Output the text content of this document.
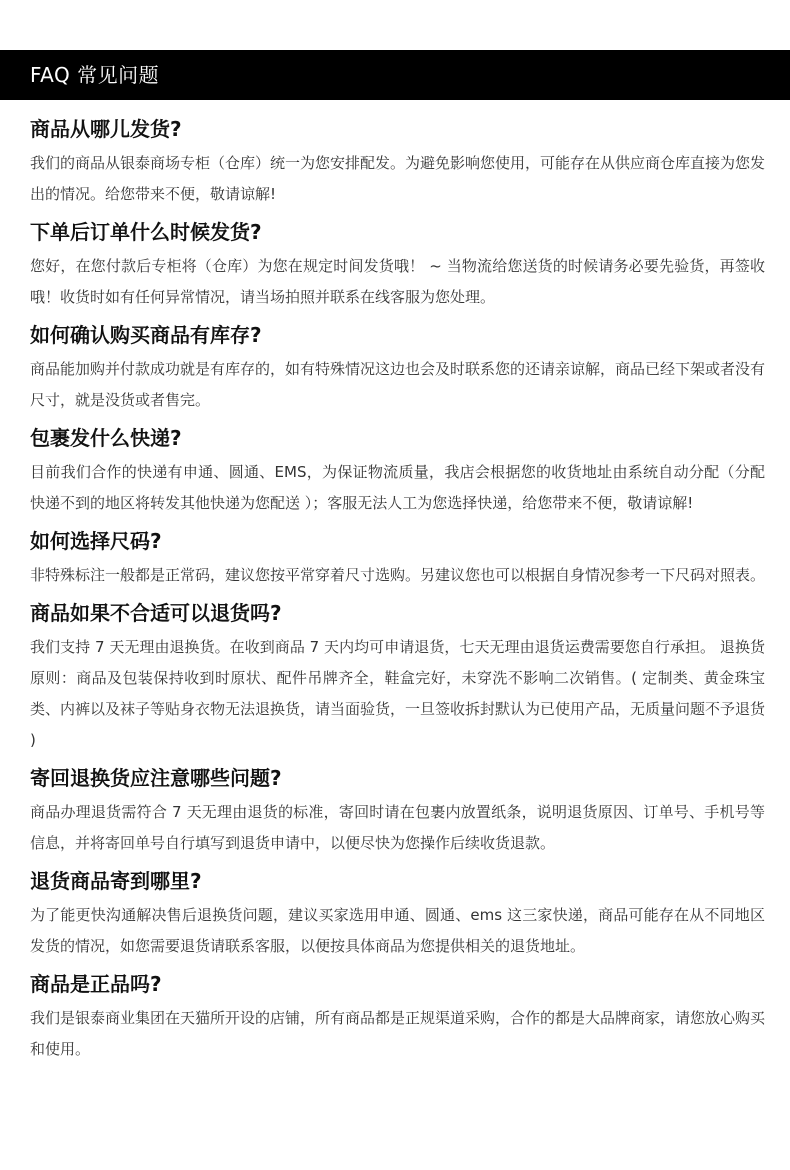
FAQ 常见问题
商品从哪儿发货?
我们的商品从银泰商场专柜（仓库）统一为您安排配发。为避免影响您使用，可能存在从供应商仓库直接为您发出的情况。给您带来不便，敬请谅解!
下单后订单什么时候发货?
您好，在您付款后专柜将（仓库）为您在规定时间发货哦！ ~ 当物流给您送货的时候请务必要先验货，再签收哦！收货时如有任何异常情况，请当场拍照并联系在线客服为您处理。
如何确认购买商品有库存?
商品能加购并付款成功就是有库存的，如有特殊情况这边也会及时联系您的还请亲谅解，商品已经下架或者没有尺寸，就是没货或者售完。
包裹发什么快递?
目前我们合作的快递有申通、圆通、EMS，为保证物流质量，我店会根据您的收货地址由系统自动分配（分配快递不到的地区将转发其他快递为您配送 ）；客服无法人工为您选择快递，给您带来不便，敬请谅解!
如何选择尺码?
非特殊标注一般都是正常码，建议您按平常穿着尺寸选购。另建议您也可以根据自身情况参考一下尺码对照表。
商品如果不合适可以退货吗?
我们支持 7 天无理由退换货。在收到商品 7 天内均可申请退货，七天无理由退货运费需要您自行承担。 退换货原则：商品及包装保持收到时原状、配件吊牌齐全，鞋盒完好，未穿洗不影响二次销售。( 定制类、黄金珠宝类、内裤以及袜子等贴身衣物无法退换货，请当面验货，一旦签收拆封默认为已使用产品，无质量问题不予退货 )
寄回退换货应注意哪些问题?
商品办理退货需符合 7 天无理由退货的标准，寄回时请在包裹内放置纸条，说明退货原因、订单号、手机号等信息，并将寄回单号自行填写到退货申请中，以便尽快为您操作后续收货退款。
退货商品寄到哪里?
为了能更快沟通解决售后退换货问题，建议买家选用申通、圆通、ems 这三家快递，商品可能存在从不同地区发货的情况，如您需要退货请联系客服，以便按具体商品为您提供相关的退货地址。
商品是正品吗?
我们是银泰商业集团在天猫所开设的店铺，所有商品都是正规渠道采购，合作的都是大品牌商家，请您放心购买和使用。
